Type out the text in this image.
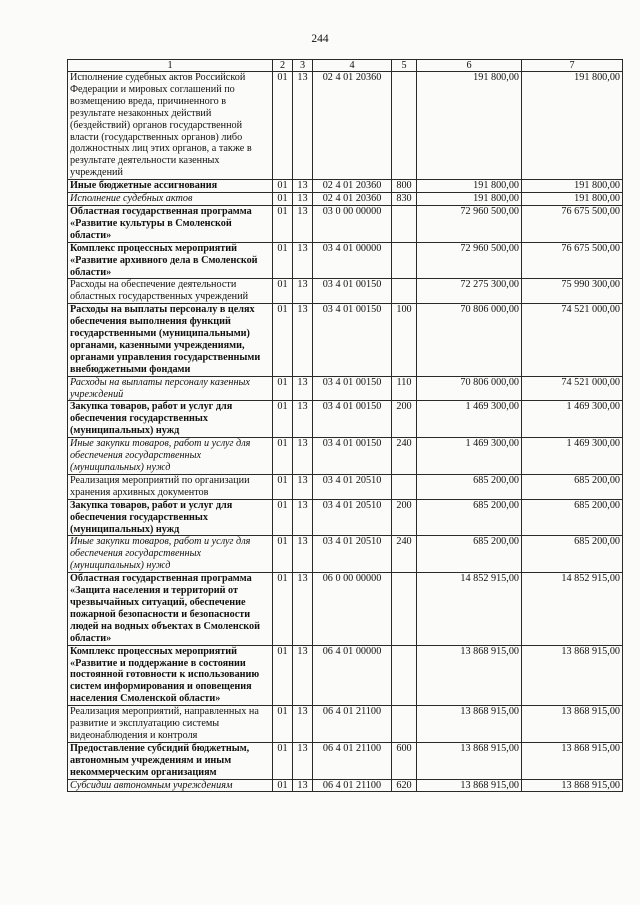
244
1	2	3	4	5	6	7
Исполнение судебных актов Российской Федерации и мировых соглашений по возмещению вреда, причиненного в результате незаконных действий (бездействий) органов государственной власти (государственных органов) либо должностных лиц этих органов, а также в результате деятельности казенных учреждений	01	13	02 4 01 20360		191 800,00	191 800,00
Иные бюджетные ассигнования	01	13	02 4 01 20360	800	191 800,00	191 800,00
Исполнение судебных актов	01	13	02 4 01 20360	830	191 800,00	191 800,00
Областная государственная программа «Развитие культуры в Смоленской области»	01	13	03 0 00 00000		72 960 500,00	76 675 500,00
Комплекс процессных мероприятий «Развитие архивного дела в Смоленской области»	01	13	03 4 01 00000		72 960 500,00	76 675 500,00
Расходы на обеспечение деятельности областных государственных учреждений	01	13	03 4 01 00150		72 275 300,00	75 990 300,00
Расходы на выплаты персоналу в целях обеспечения выполнения функций государственными (муниципальными) органами, казенными учреждениями, органами управления государственными внебюджетными фондами	01	13	03 4 01 00150	100	70 806 000,00	74 521 000,00
Расходы на выплаты персоналу казенных учреждений	01	13	03 4 01 00150	110	70 806 000,00	74 521 000,00
Закупка товаров, работ и услуг для обеспечения государственных (муниципальных) нужд	01	13	03 4 01 00150	200	1 469 300,00	1 469 300,00
Иные закупки товаров, работ и услуг для обеспечения государственных (муниципальных) нужд	01	13	03 4 01 00150	240	1 469 300,00	1 469 300,00
Реализация мероприятий по организации хранения архивных документов	01	13	03 4 01 20510		685 200,00	685 200,00
Закупка товаров, работ и услуг для обеспечения государственных (муниципальных) нужд	01	13	03 4 01 20510	200	685 200,00	685 200,00
Иные закупки товаров, работ и услуг для обеспечения государственных (муниципальных) нужд	01	13	03 4 01 20510	240	685 200,00	685 200,00
Областная государственная программа «Защита населения и территорий от чрезвычайных ситуаций, обеспечение пожарной безопасности и безопасности людей на водных объектах в Смоленской области»	01	13	06 0 00 00000		14 852 915,00	14 852 915,00
Комплекс процессных мероприятий «Развитие и поддержание в состоянии постоянной готовности к использованию систем информирования и оповещения населения Смоленской области»	01	13	06 4 01 00000		13 868 915,00	13 868 915,00
Реализация мероприятий, направленных на развитие и эксплуатацию системы видеонаблюдения и контроля	01	13	06 4 01 21100		13 868 915,00	13 868 915,00
Предоставление субсидий бюджетным, автономным учреждениям и иным некоммерческим организациям	01	13	06 4 01 21100	600	13 868 915,00	13 868 915,00
Субсидии автономным учреждениям	01	13	06 4 01 21100	620	13 868 915,00	13 868 915,00
